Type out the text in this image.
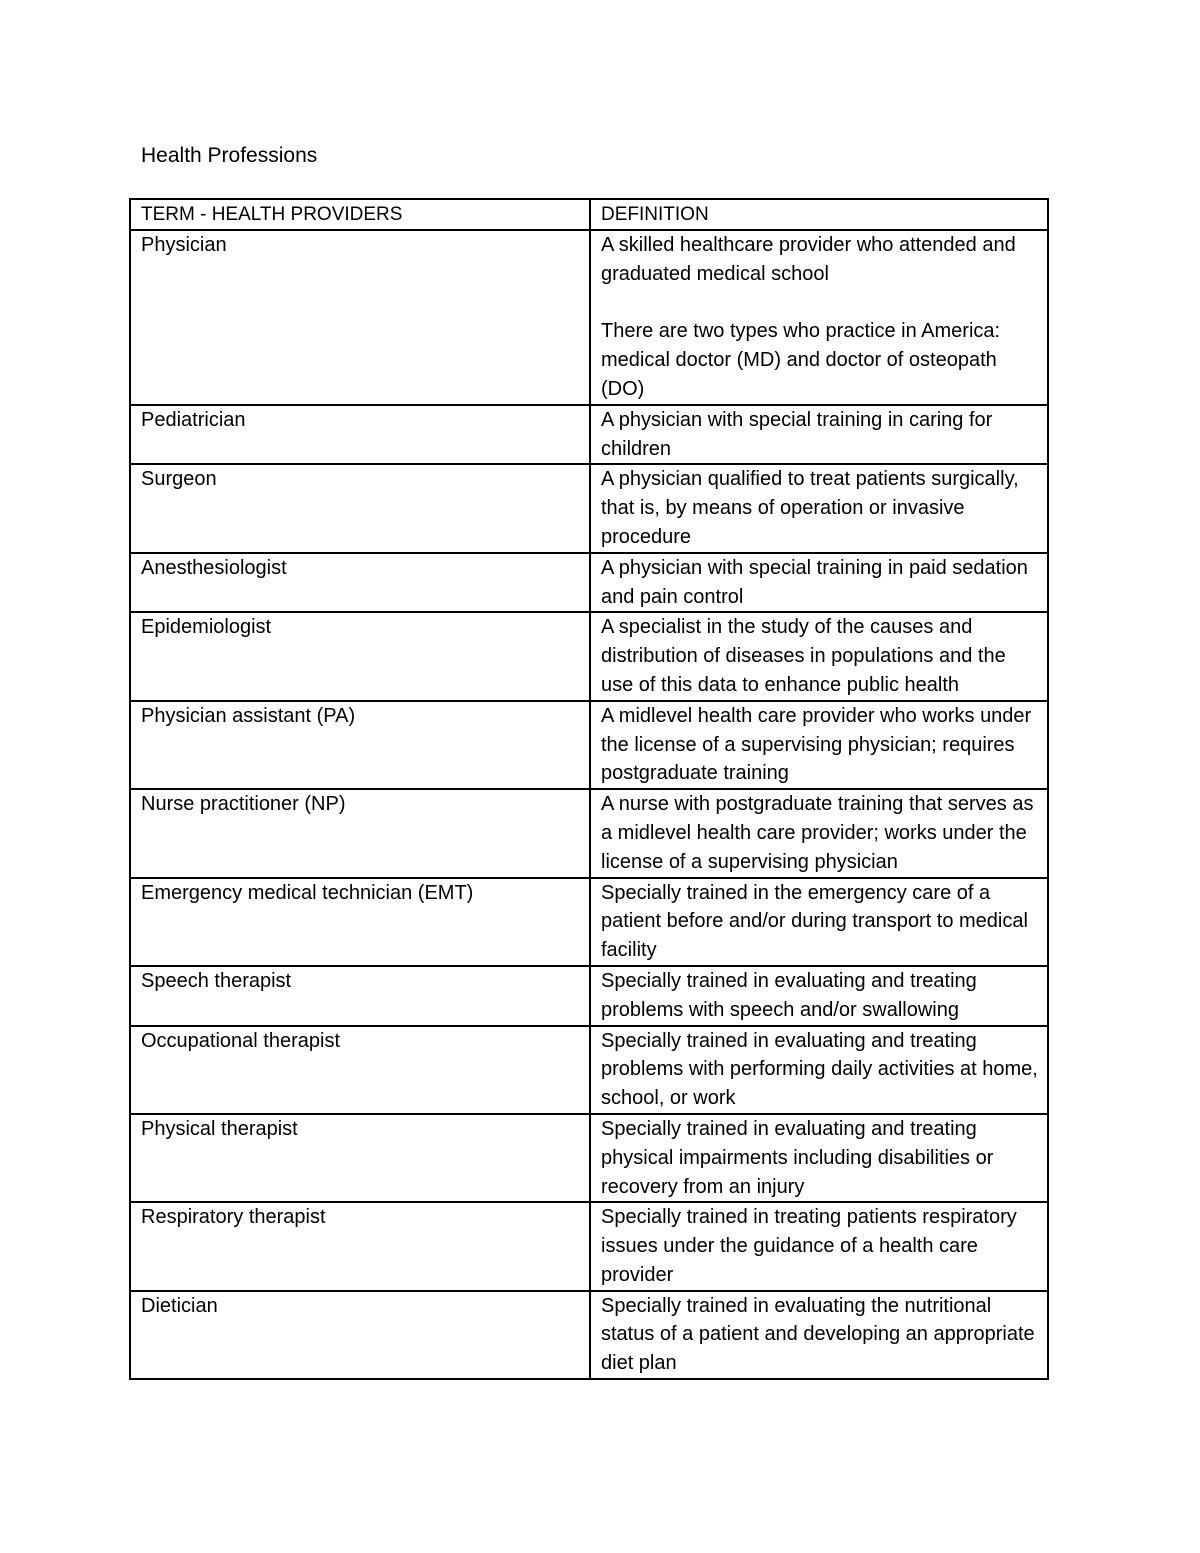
Health Professions
TERM - HEALTH PROVIDERS	DEFINITION
Physician	A skilled healthcare provider who attended and graduated medical school
There are two types who practice in America: medical doctor (MD) and doctor of osteopath (DO)

Pediatrician	A physician with special training in caring for children

Surgeon	A physician qualified to treat patients surgically, that is, by means of operation or invasive procedure

Anesthesiologist	A physician with special training in paid sedation and pain control

Epidemiologist	A specialist in the study of the causes and distribution of diseases in populations and the use of this data to enhance public health

Physician assistant (PA)	A midlevel health care provider who works under the license of a supervising physician; requires postgraduate training

Nurse practitioner (NP)	A nurse with postgraduate training that serves as a midlevel health care provider; works under the license of a supervising physician

Emergency medical technician (EMT)	Specially trained in the emergency care of a patient before and/or during transport to medical facility

Speech therapist	Specially trained in evaluating and treating problems with speech and/or swallowing

Occupational therapist	Specially trained in evaluating and treating problems with performing daily activities at home, school, or work

Physical therapist	Specially trained in evaluating and treating physical impairments including disabilities or recovery from an injury

Respiratory therapist	Specially trained in treating patients respiratory issues under the guidance of a health care provider

Dietician	Specially trained in evaluating the nutritional status of a patient and developing an appropriate diet plan
